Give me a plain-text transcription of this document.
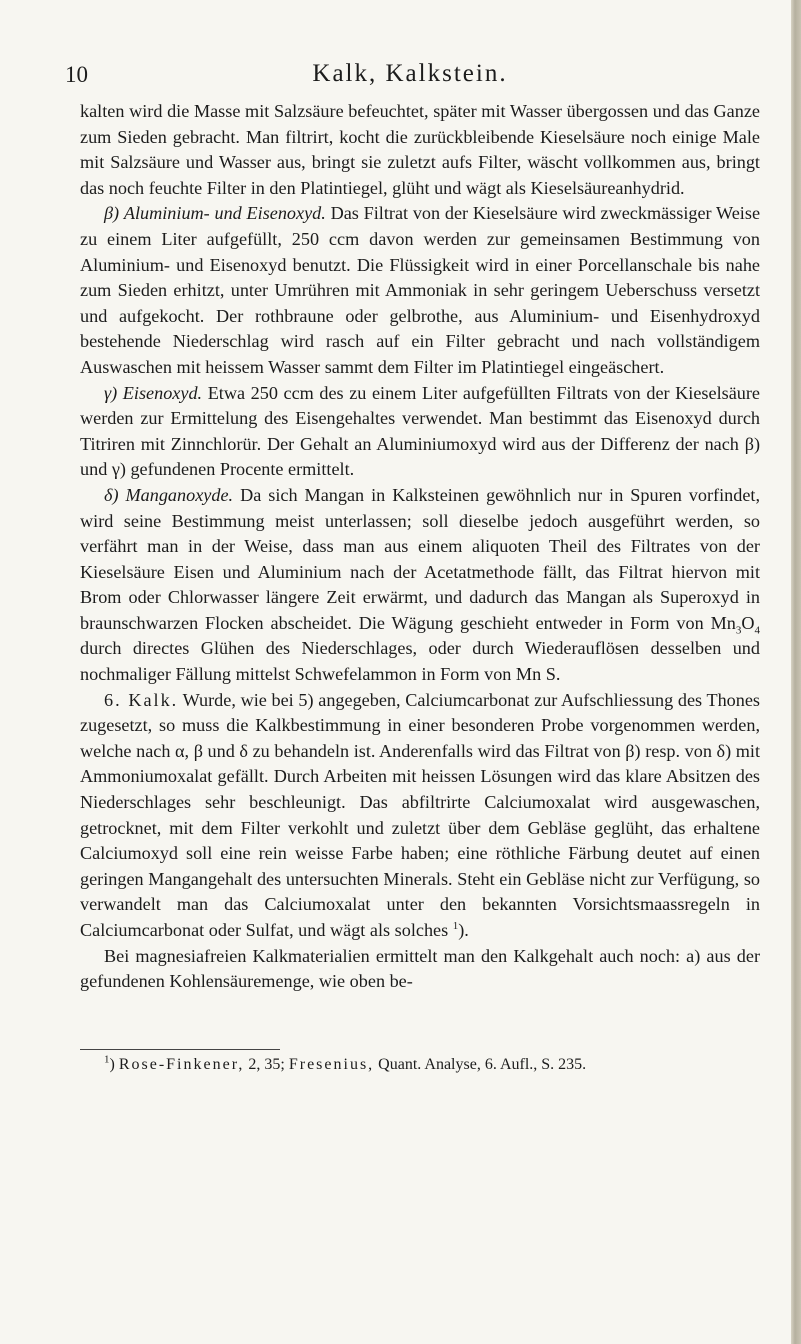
10	Kalk, Kalkstein.

kalten wird die Masse mit Salzsäure befeuchtet, später mit Wasser übergossen und das Ganze zum Sieden gebracht. Man filtrirt, kocht die zurückbleibende Kieselsäure noch einige Male mit Salzsäure und Wasser aus, bringt sie zuletzt aufs Filter, wäscht vollkommen aus, bringt das noch feuchte Filter in den Platintiegel, glüht und wägt als Kieselsäureanhydrid.

β) Aluminium- und Eisenoxyd. Das Filtrat von der Kieselsäure wird zweckmässiger Weise zu einem Liter aufgefüllt, 250 ccm davon werden zur gemeinsamen Bestimmung von Aluminium- und Eisenoxyd benutzt. Die Flüssigkeit wird in einer Porcellanschale bis nahe zum Sieden erhitzt, unter Umrühren mit Ammoniak in sehr geringem Ueberschuss versetzt und aufgekocht. Der rothbraune oder gelbrothe, aus Aluminium- und Eisenhydroxyd bestehende Niederschlag wird rasch auf ein Filter gebracht und nach vollständigem Auswaschen mit heissem Wasser sammt dem Filter im Platintiegel eingeäschert.

γ) Eisenoxyd. Etwa 250 ccm des zu einem Liter aufgefüllten Filtrats von der Kieselsäure werden zur Ermittelung des Eisengehaltes verwendet. Man bestimmt das Eisenoxyd durch Titriren mit Zinnchlorür. Der Gehalt an Aluminiumoxyd wird aus der Differenz der nach β) und γ) gefundenen Procente ermittelt.

δ) Manganoxyde. Da sich Mangan in Kalksteinen gewöhnlich nur in Spuren vorfindet, wird seine Bestimmung meist unterlassen; soll dieselbe jedoch ausgeführt werden, so verfährt man in der Weise, dass man aus einem aliquoten Theil des Filtrates von der Kieselsäure Eisen und Aluminium nach der Acetatmethode fällt, das Filtrat hiervon mit Brom oder Chlorwasser längere Zeit erwärmt, und dadurch das Mangan als Superoxyd in braunschwarzen Flocken abscheidet. Die Wägung geschieht entweder in Form von $Mn_3O_4$ durch directes Glühen des Niederschlages, oder durch Wiederauflösen desselben und nochmaliger Fällung mittelst Schwefelammon in Form von Mn S.

6. Kalk. Wurde, wie bei 5) angegeben, Calciumcarbonat zur Aufschliessung des Thones zugesetzt, so muss die Kalkbestimmung in einer besonderen Probe vorgenommen werden, welche nach α, β und δ zu behandeln ist. Anderenfalls wird das Filtrat von β) resp. von δ) mit Ammoniumoxalat gefällt. Durch Arbeiten mit heissen Lösungen wird das klare Absitzen des Niederschlages sehr beschleunigt. Das abfiltrirte Calciumoxalat wird ausgewaschen, getrocknet, mit dem Filter verkohlt und zuletzt über dem Gebläse geglüht, das erhaltene Calciumoxyd soll eine rein weisse Farbe haben; eine röthliche Färbung deutet auf einen geringen Mangangehalt des untersuchten Minerals. Steht ein Gebläse nicht zur Verfügung, so verwandelt man das Calciumoxalat unter den bekannten Vorsichtsmaassregeln in Calciumcarbonat oder Sulfat, und wägt als solches $^1$).

Bei magnesiafreien Kalkmaterialien ermittelt man den Kalkgehalt auch noch: a) aus der gefundenen Kohlensäuremenge, wie oben be-

$^1$) Rose-Finkener, 2, 35; Fresenius, Quant. Analyse, 6. Aufl., S. 235.
